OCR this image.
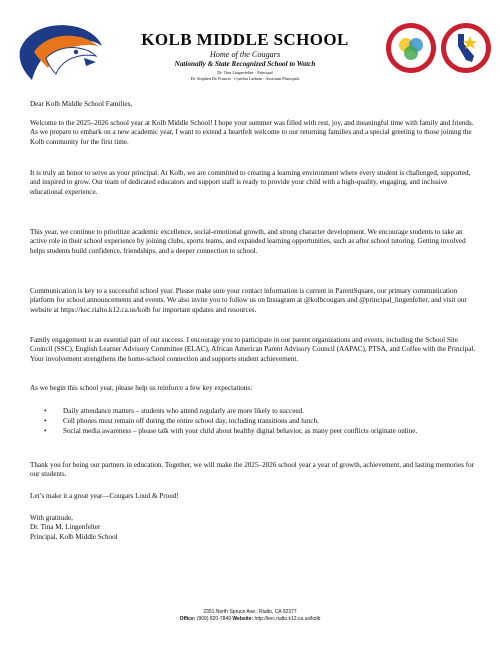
KOLB MIDDLE SCHOOL
Home of the Cougars
Nationally & State Recognized School to Watch
Dr. Tina Lingenfelter · Principal
Dr. Stephen De Francis · Cynthia Latham · Assistant Principals
Dear Kolb Middle School Families,
Welcome to the 2025–2026 school year at Kolb Middle School! I hope your summer was filled with rest, joy, and meaningful time with family and friends. As we prepare to embark on a new academic year, I want to extend a heartfelt welcome to our returning families and a special greeting to those joining the Kolb community for the first time.
It is truly an honor to serve as your principal. At Kolb, we are committed to creating a learning environment where every student is challenged, supported, and inspired to grow. Our team of dedicated educators and support staff is ready to provide your child with a high-quality, engaging, and inclusive educational experience.
This year, we continue to prioritize academic excellence, social-emotional growth, and strong character development. We encourage students to take an active role in their school experience by joining clubs, sports teams, and expanded learning opportunities, such as after school tutoring. Getting involved helps students build confidence, friendships, and a deeper connection to school.
Communication is key to a successful school year. Please make sure your contact information is current in ParentSquare, our primary communication platform for school announcements and events. We also invite you to follow us on Instagram at @kolbcougars and @principal_lingenfelter, and visit our website at https://kec.rialto.k12.ca.us/kolb for important updates and resources.
Family engagement is an essential part of our success. I encourage you to participate in our parent organizations and events, including the School Site Council (SSC), English Learner Advisory Committee (ELAC), African American Parent Advisory Council (AAPAC), PTSA, and Coffee with the Principal. Your involvement strengthens the home-school connection and supports student achievement.
As we begin this school year, please help us reinforce a few key expectations:
• Daily attendance matters – students who attend regularly are more likely to succeed.
• Cell phones must remain off during the entire school day, including transitions and lunch.
• Social media awareness – please talk with your child about healthy digital behavior, as many peer conflicts originate online.
Thank you for being our partners in education. Together, we will make the 2025–2026 school year a year of growth, achievement, and lasting memories for our students.
Let’s make it a great year—Cougars Loud & Proud!
With gratitude,
Dr. Tina M. Lingenfelter
Principal, Kolb Middle School
2351 North Spruce Ave., Rialto, CA 92377
Office: (909) 820-7849 Website: http://kec.rialto.k12.ca.us/kolb
